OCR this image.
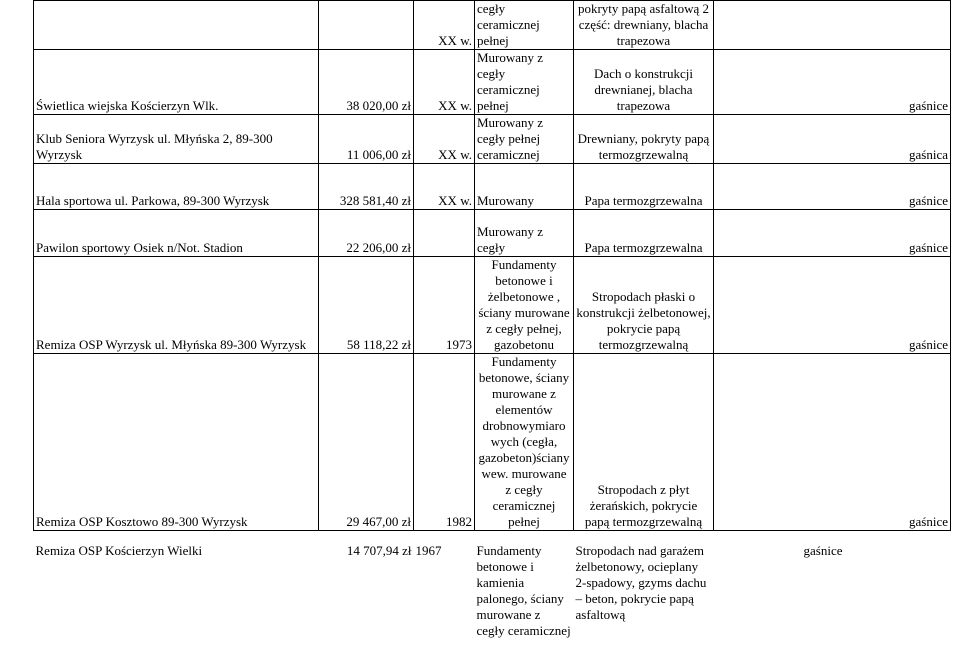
		XX w.	cegły ceramicznej pełnej	pokryty papą asfaltową 2 część: drewniany, blacha trapezowa	
Świetlica wiejska Kościerzyn Wlk.	38 020,00 zł	XX w.	Murowany z cegły ceramicznej pełnej	Dach o konstrukcji drewnianej, blacha trapezowa	gaśnice
Klub Seniora Wyrzysk ul. Młyńska 2, 89-300 Wyrzysk	11 006,00 zł	XX w.	Murowany z cegły pełnej ceramicznej	Drewniany, pokryty papą termozgrzewalną	gaśnica
Hala sportowa ul. Parkowa, 89-300 Wyrzysk	328 581,40 zł	XX w.	Murowany	Papa termozgrzewalna	gaśnice
Pawilon sportowy Osiek n/Not. Stadion	22 206,00 zł		Murowany z cegły	Papa termozgrzewalna	gaśnice
Remiza OSP Wyrzysk ul. Młyńska 89-300 Wyrzysk	58 118,22 zł	1973	Fundamenty betonowe i żelbetonowe , ściany murowane z cegły pełnej, gazobetonu	Stropodach płaski o konstrukcji żelbetonowej, pokrycie papą termozgrzewalną	gaśnice
Remiza OSP Kosztowo 89-300 Wyrzysk	29 467,00 zł	1982	Fundamenty betonowe, ściany murowane z elementów drobnowymiaro wych (cegła, gazobeton)ściany wew. murowane z cegły ceramicznej pełnej	Stropodach z płyt żerańskich, pokrycie papą termozgrzewalną	gaśnice

Remiza OSP Kościerzyn Wielki	14 707,94 zł	1967	Fundamenty betonowe i kamienia palonego, ściany murowane z cegły ceramicznej	Stropodach nad garażem żelbetonowy, ocieplany 2-spadowy, gzyms dachu – beton, pokrycie papą asfaltową	gaśnice
